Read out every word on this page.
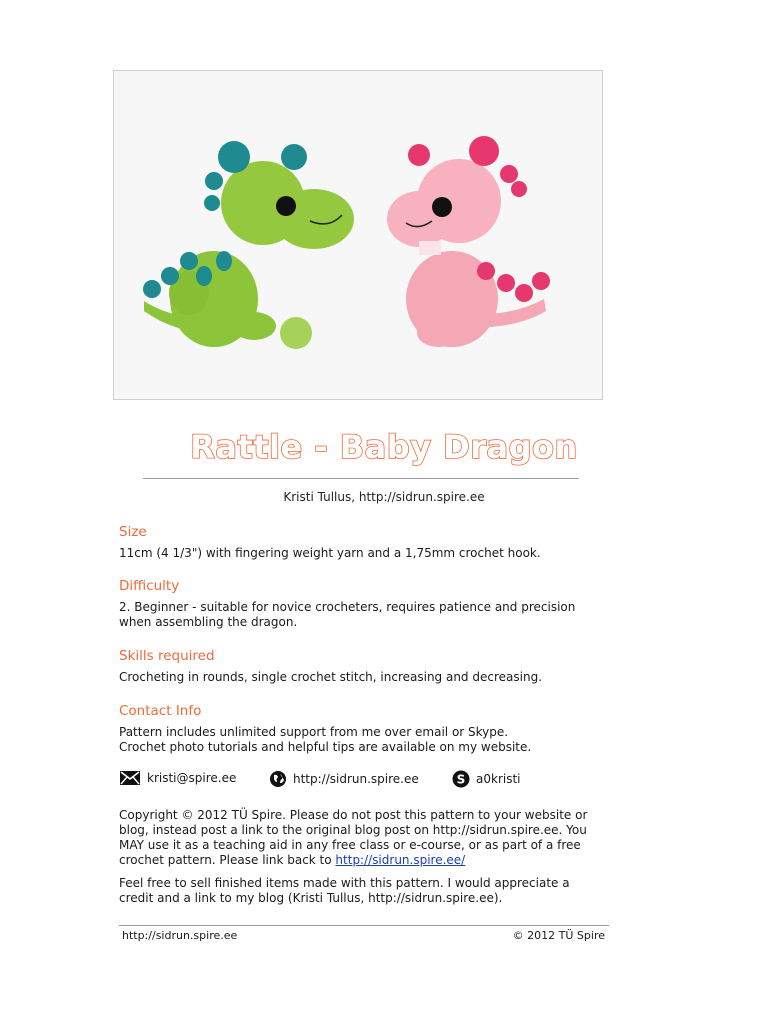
Rattle - Baby Dragon
Kristi Tullus, http://sidrun.spire.ee
Size
11cm (4 1/3") with fingering weight yarn and a 1,75mm crochet hook.
Difficulty
2. Beginner - suitable for novice crocheters, requires patience and precision when assembling the dragon.
Skills required
Crocheting in rounds, single crochet stitch, increasing and decreasing.
Contact Info
Pattern includes unlimited support from me over email or Skype.
Crochet photo tutorials and helpful tips are available on my website.
kristi@spire.ee	http://sidrun.spire.ee	S a0kristi
Copyright © 2012 TÜ Spire. Please do not post this pattern to your website or blog, instead post a link to the original blog post on http://sidrun.spire.ee. You MAY use it as a teaching aid in any free class or e-course, or as part of a free crochet pattern. Please link back to http://sidrun.spire.ee/
Feel free to sell finished items made with this pattern. I would appreciate a credit and a link to my blog (Kristi Tullus, http://sidrun.spire.ee).
http://sidrun.spire.ee	© 2012 TÜ Spire
